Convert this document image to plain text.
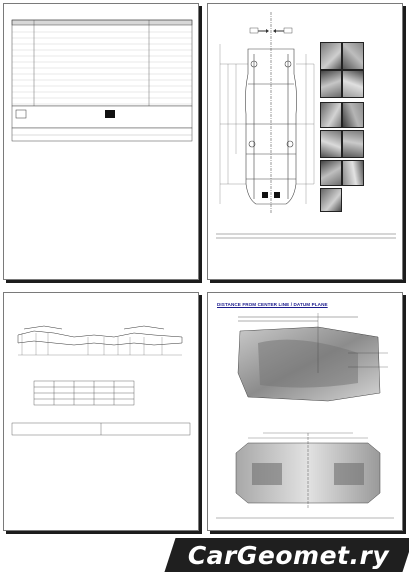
DISTANCE FROM CENTER LINE / DATUM PLANE
CarGeomet.ry
